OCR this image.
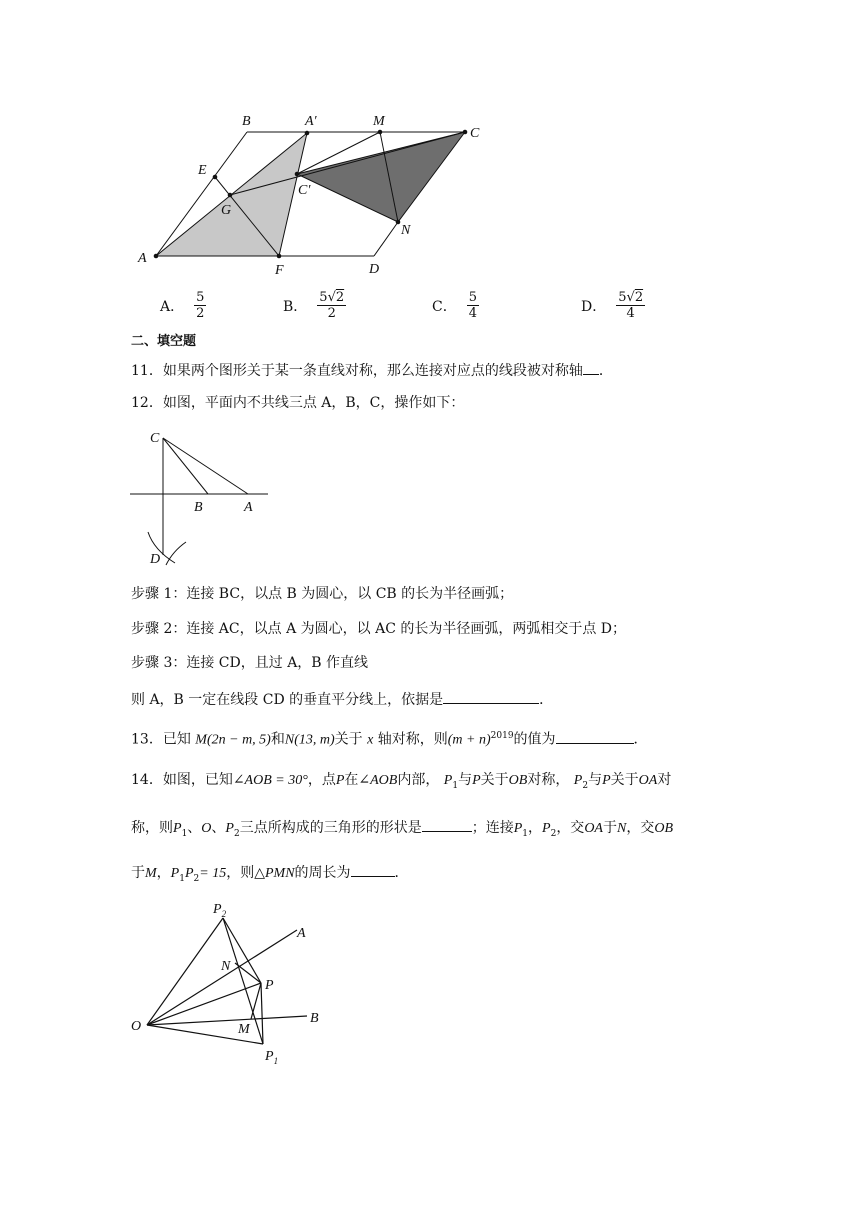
B	A′	M
C
E
C′
G
N
A
F	D
A． $\frac{5}{2}$	B． $\frac{5√2}{2}$	C． $\frac{5}{4}$	D． $\frac{5√2}{4}$
二、填空题
11．如果两个图形关于某一条直线对称，那么连接对应点的线段被对称轴 ．
12．如图，平面内不共线三点 A，B，C，操作如下：
C
B	A
D
步骤 1：连接 BC，以点 B 为圆心，以 CB 的长为半径画弧；
步骤 2：连接 AC，以点 A 为圆心，以 AC 的长为半径画弧，两弧相交于点 D；
步骤 3：连接 CD，且过 A，B 作直线
则 A，B 一定在线段 CD 的垂直平分线上，依据是	．
13．已知 M(2n − m, 5)和N(13, m)关于 x 轴对称，则$(m + n)^{2019}$的值为	．
14．如图，已知∠AOB = 30°，点P在∠AOB内部， $P_1$与P关于OB对称， $P_2$与P关于OA对
称，则$P_1$、O、$P_2$三点所构成的三角形的形状是	；连接$P_1$，$P_2$，交OA于N，交OB
于M，$P_1P_2= 15$，则△PMN的周长为	．
$P_2$
A
N
P
O	M
B
$P_1$
